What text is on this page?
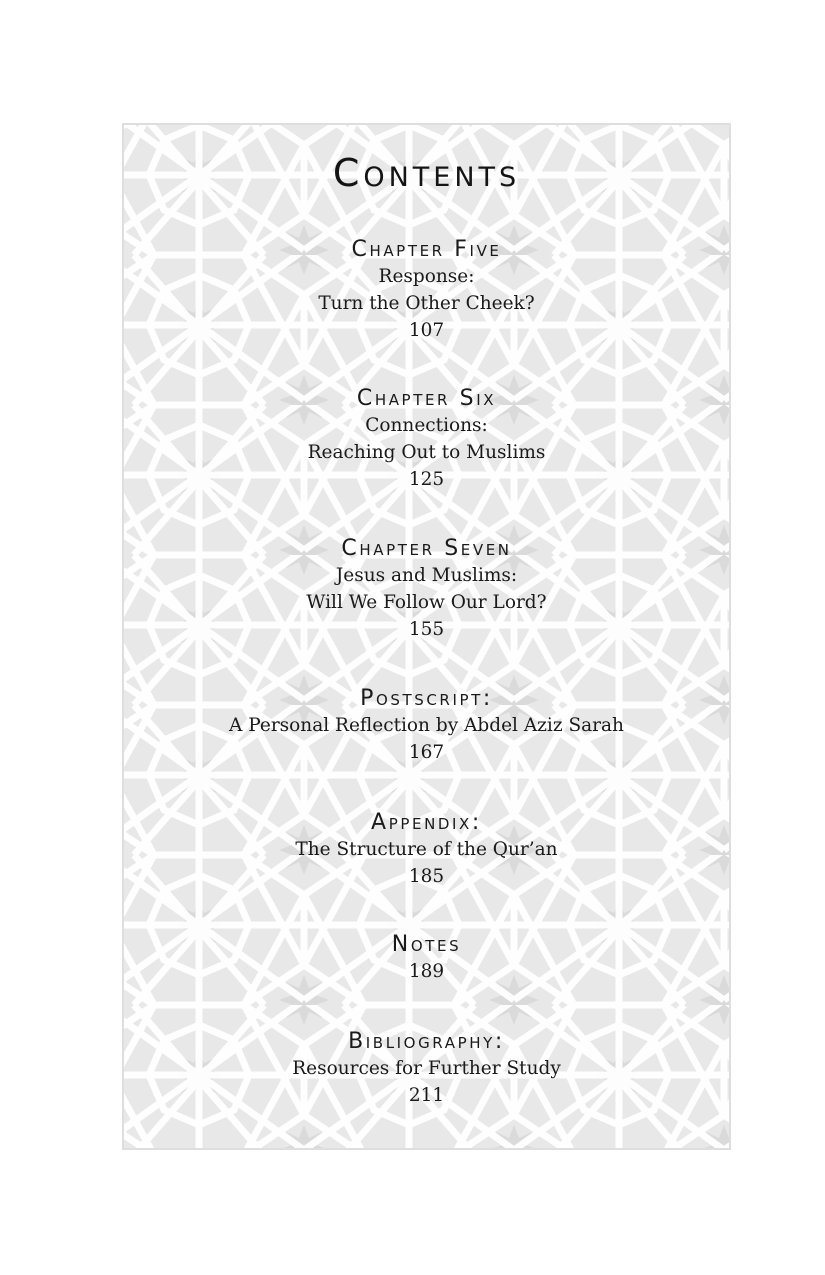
Contents
Chapter Five
Response:
Turn the Other Cheek?
107
Chapter Six
Connections:
Reaching Out to Muslims
125
Chapter Seven
Jesus and Muslims:
Will We Follow Our Lord?
155
Postscript:
A Personal Reflection by Abdel Aziz Sarah
167
Appendix:
The Structure of the Qur’an
185
Notes
189
Bibliography:
Resources for Further Study
211
